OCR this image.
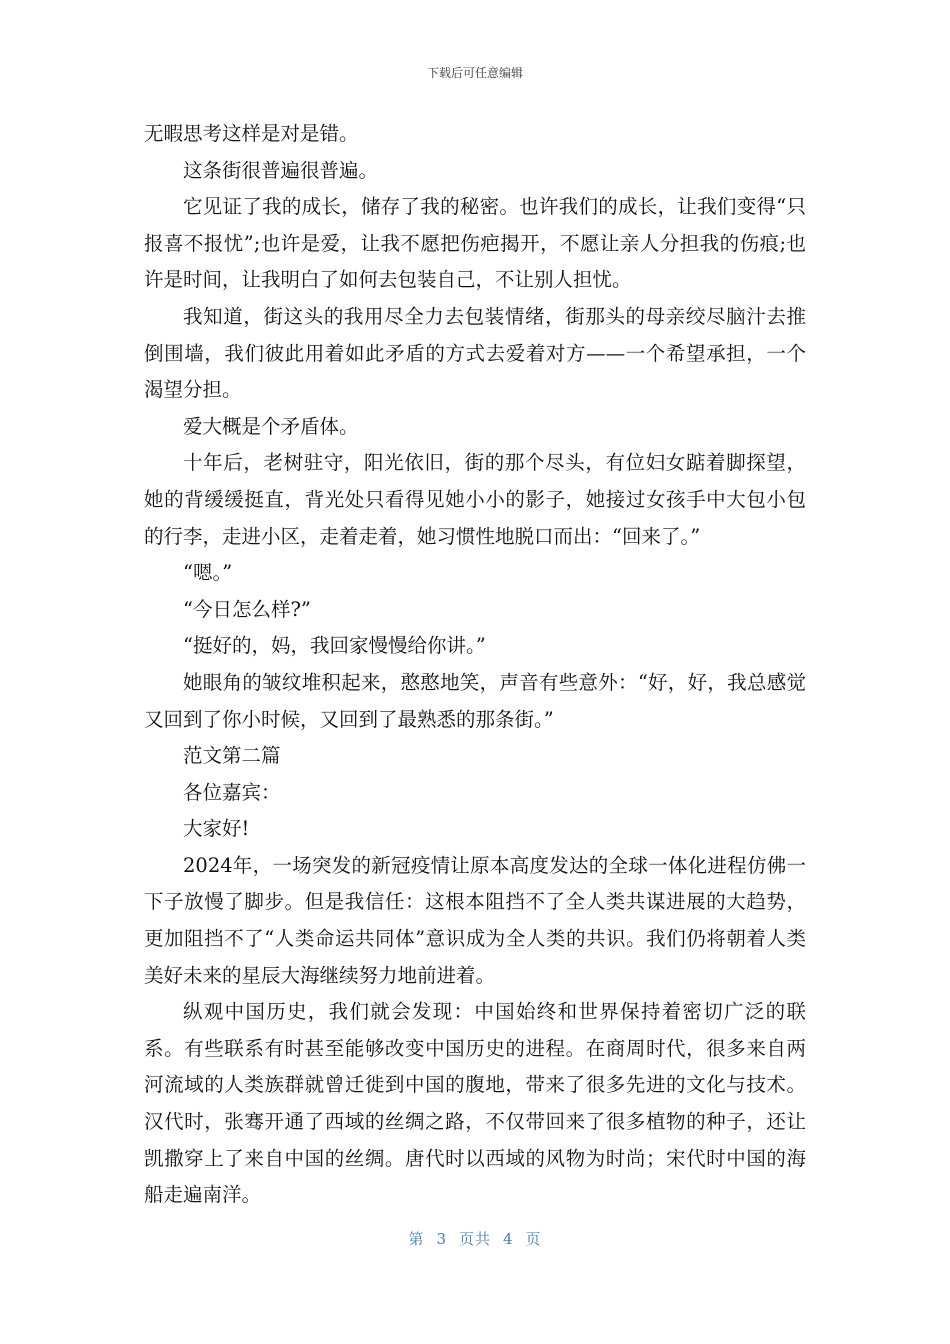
下载后可任意编辑

无暇思考这样是对是错。

这条街很普遍很普遍。

它见证了我的成长，储存了我的秘密。也许我们的成长，让我们变得“只报喜不报忧”;也许是爱，让我不愿把伤疤揭开，不愿让亲人分担我的伤痕;也许是时间，让我明白了如何去包装自己，不让别人担忧。

我知道，街这头的我用尽全力去包装情绪，街那头的母亲绞尽脑汁去推倒围墙，我们彼此用着如此矛盾的方式去爱着对方——一个希望承担，一个渴望分担。

爱大概是个矛盾体。

十年后，老树驻守，阳光依旧，街的那个尽头，有位妇女踮着脚探望，她的背缓缓挺直，背光处只看得见她小小的影子，她接过女孩手中大包小包的行李，走进小区，走着走着，她习惯性地脱口而出：“回来了。”

“嗯。”

“今日怎么样?”

“挺好的，妈，我回家慢慢给你讲。”

她眼角的皱纹堆积起来，憨憨地笑，声音有些意外：“好，好，我总感觉又回到了你小时候，又回到了最熟悉的那条街。”

范文第二篇

各位嘉宾：

大家好!

2024年，一场突发的新冠疫情让原本高度发达的全球一体化进程仿佛一下子放慢了脚步。但是我信任：这根本阻挡不了全人类共谋进展的大趋势，更加阻挡不了“人类命运共同体”意识成为全人类的共识。我们仍将朝着人类美好未来的星辰大海继续努力地前进着。

纵观中国历史，我们就会发现：中国始终和世界保持着密切广泛的联系。有些联系有时甚至能够改变中国历史的进程。在商周时代，很多来自两河流域的人类族群就曾迁徙到中国的腹地，带来了很多先进的文化与技术。汉代时，张骞开通了西域的丝绸之路，不仅带回来了很多植物的种子，还让凯撒穿上了来自中国的丝绸。唐代时以西域的风物为时尚；宋代时中国的海船走遍南洋。

第 3 页共 4 页
